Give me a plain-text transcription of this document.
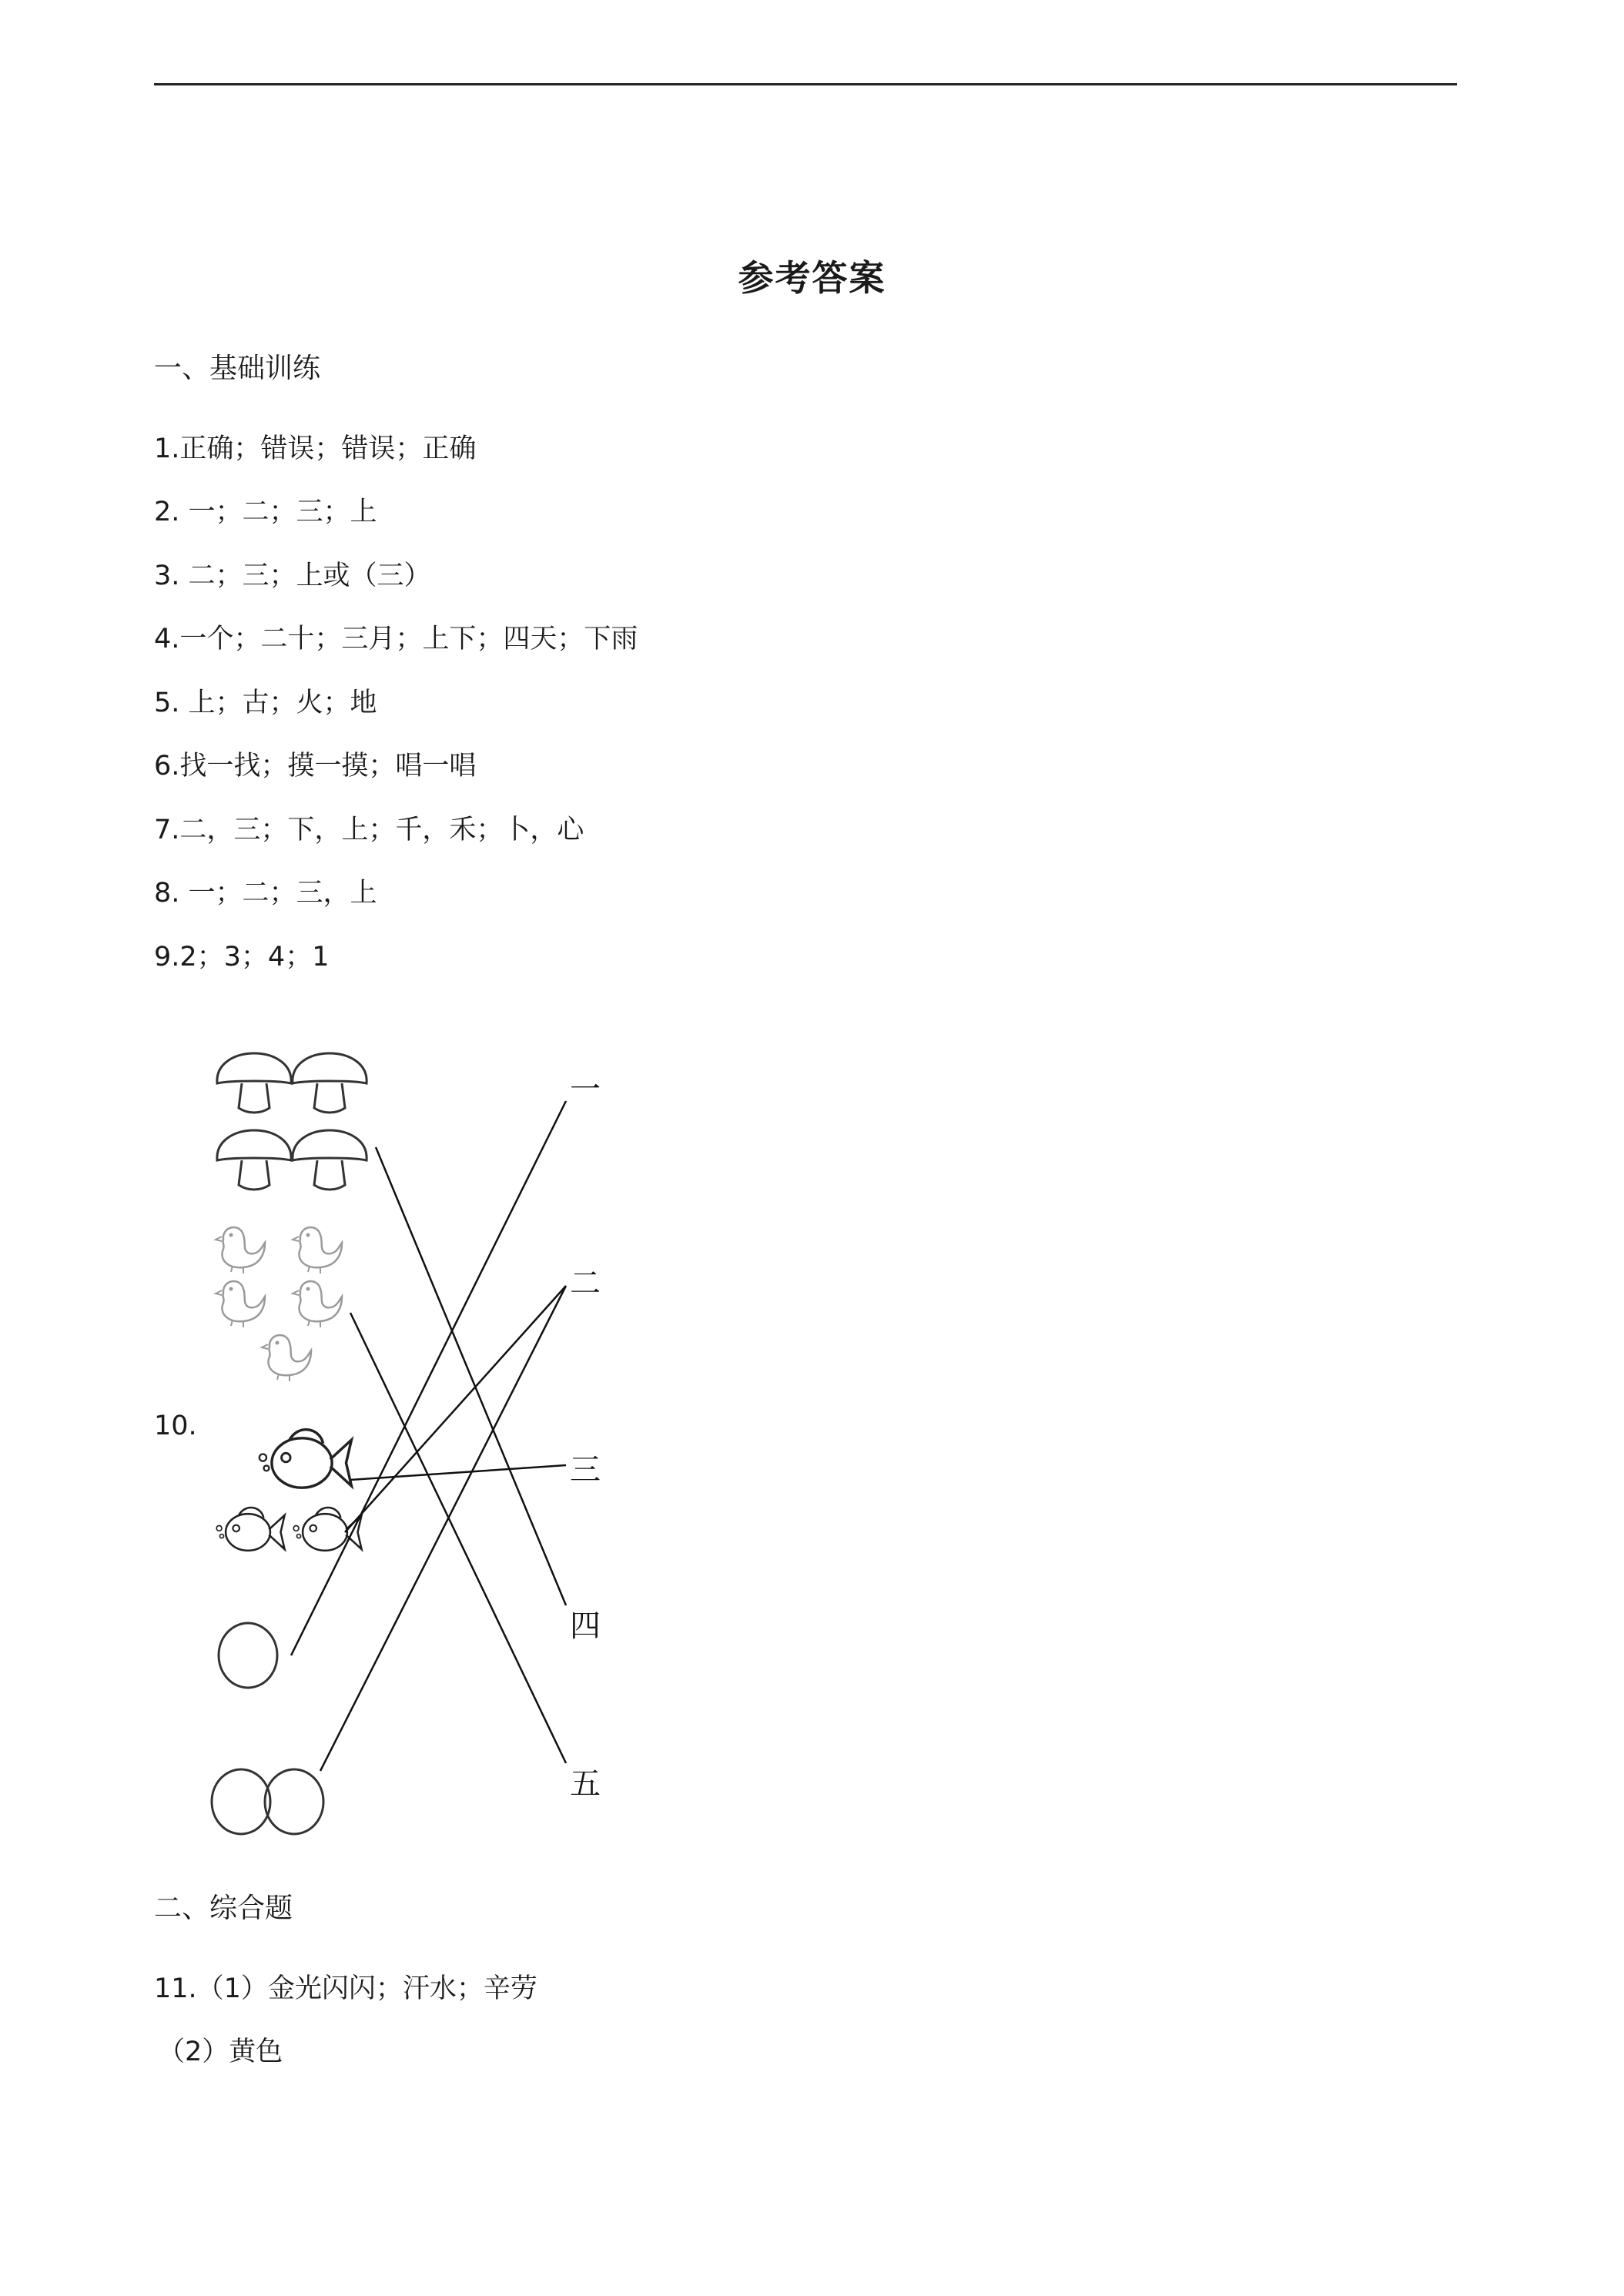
参考答案
一、基础训练
1.正确；错误；错误；正确
2. 一；二；三；上
3. 二；三；上或（三）
4.一个；二十；三月；上下；四天；下雨
5. 上；古；火；地
6.找一找；摸一摸；唱一唱
7.二，三；下，上；千，禾；卜，心
8. 一；二；三，上
9.2；3；4；1
10.
一
二
三
四
五
二、综合题
11.（1）金光闪闪；汗水；辛劳
（2）黄色
